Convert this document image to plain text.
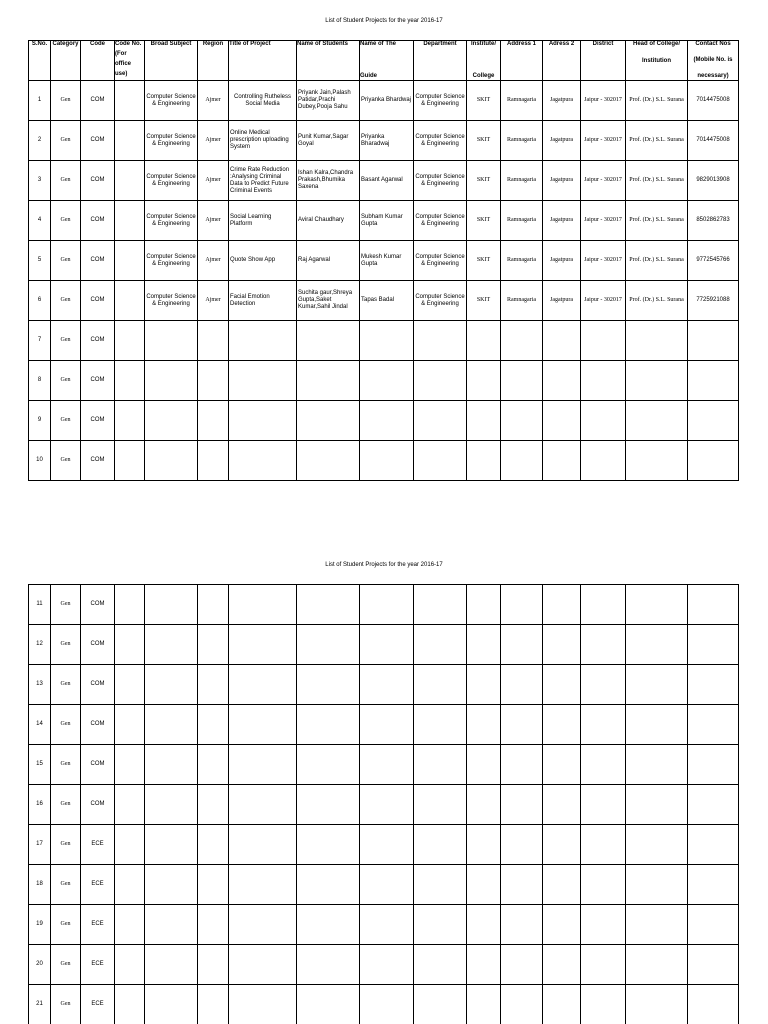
List of Student Projects for the year 2016-17
S.No.	Category	Code	Code No.
(For
office
use)	Broad Subject	Region	Title of Project	Name of Students	Name of The
Guide	Department	Institute/
College	Address 1	Adress 2	District	Head of College/
Institution	Contact Nos
(Mobile No. is
necessary)

1	Gen	COM		Computer Science & Engineering	Ajmer	Controlling Rutheless Social Media	Priyank Jain,Palash Patidar,Prachi Dubey,Pooja Sahu	Priyanka Bhardwaj	Computer Science & Engineering	SKIT	Ramnagaria	Jagatpura	Jaipur - 302017	Prof. (Dr.) S.L. Surana	7014475008
2	Gen	COM		Computer Science & Engineering	Ajmer	Online Medical prescription uploading System	Punit Kumar,Sagar Goyal	Priyanka Bharadwaj	Computer Science & Engineering	SKIT	Ramnagaria	Jagatpura	Jaipur - 302017	Prof. (Dr.) S.L. Surana	7014475008
3	Gen	COM		Computer Science & Engineering	Ajmer	Crime Rate Reduction :Analysing Criminal Data to Predict Future Criminal Events	Ishan Kalra,Chandra Prakash,Bhumika Saxena	Basant Agarwal	Computer Science & Engineering	SKIT	Ramnagaria	Jagatpura	Jaipur - 302017	Prof. (Dr.) S.L. Surana	9829013908
4	Gen	COM		Computer Science & Engineering	Ajmer	Social Learning Platform	Aviral Chaudhary	Subham Kumar Gupta	Computer Science & Engineering	SKIT	Ramnagaria	Jagatpura	Jaipur - 302017	Prof. (Dr.) S.L. Surana	8502862783
5	Gen	COM		Computer Science & Engineering	Ajmer	Quote Show App	Raj Agarwal	Mukesh Kumar Gupta	Computer Science & Engineering	SKIT	Ramnagaria	Jagatpura	Jaipur - 302017	Prof. (Dr.) S.L. Surana	9772545766
6	Gen	COM		Computer Science & Engineering	Ajmer	Facial Emotion Detection	Suchita gaur,Shreya Gupta,Saket Kumar,Sahil Jindal	Tapas Badal	Computer Science & Engineering	SKIT	Ramnagaria	Jagatpura	Jaipur - 302017	Prof. (Dr.) S.L. Surana	7725921088
7	Gen	COM													
8	Gen	COM													
9	Gen	COM													
10	Gen	COM													
List of Student Projects for the year 2016-17
11	Gen	COM													
12	Gen	COM													
13	Gen	COM													
14	Gen	COM													
15	Gen	COM													
16	Gen	COM													
17	Gen	ECE													
18	Gen	ECE													
19	Gen	ECE													
20	Gen	ECE													
21	Gen	ECE													
